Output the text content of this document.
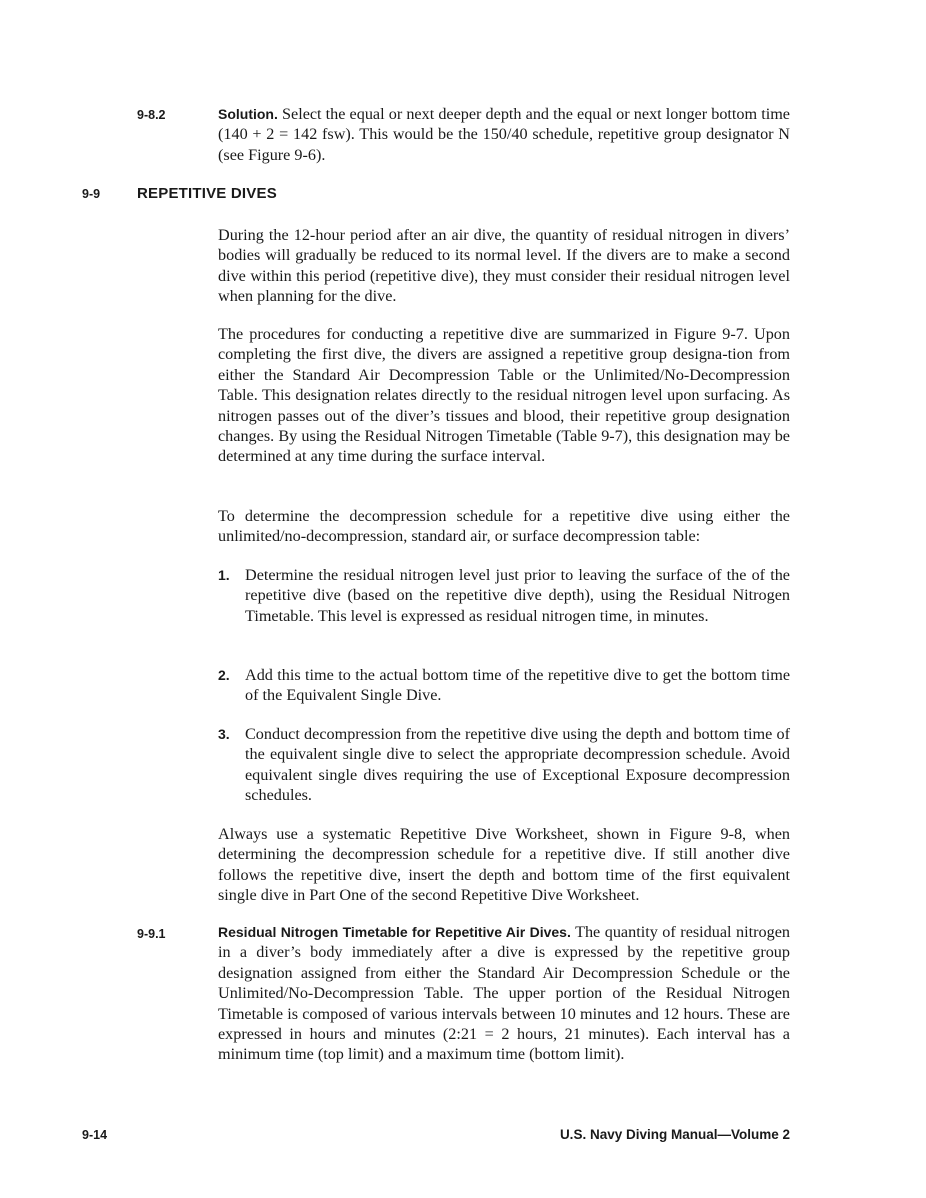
9-8.2	Solution. Select the equal or next deeper depth and the equal or next longer bottom time (140 + 2 = 142 fsw). This would be the 150/40 schedule, repetitive group designator N (see Figure 9-6).

9-9 REPETITIVE DIVES

During the 12-hour period after an air dive, the quantity of residual nitrogen in divers’ bodies will gradually be reduced to its normal level. If the divers are to make a second dive within this period (repetitive dive), they must consider their residual nitrogen level when planning for the dive.

The procedures for conducting a repetitive dive are summarized in Figure 9-7. Upon completing the first dive, the divers are assigned a repetitive group designa-tion from either the Standard Air Decompression Table or the Unlimited/No-Decompression Table. This designation relates directly to the residual nitrogen level upon surfacing. As nitrogen passes out of the diver’s tissues and blood, their repetitive group designation changes. By using the Residual Nitrogen Timetable (Table 9-7), this designation may be determined at any time during the surface interval.

To determine the decompression schedule for a repetitive dive using either the unlimited/no-decompression, standard air, or surface decompression table:

1. Determine the residual nitrogen level just prior to leaving the surface of the of the repetitive dive (based on the repetitive dive depth), using the Residual Nitrogen Timetable. This level is expressed as residual nitrogen time, in minutes.

2. Add this time to the actual bottom time of the repetitive dive to get the bottom time of the Equivalent Single Dive.

3. Conduct decompression from the repetitive dive using the depth and bottom time of the equivalent single dive to select the appropriate decompression schedule. Avoid equivalent single dives requiring the use of Exceptional Exposure decompression schedules.

Always use a systematic Repetitive Dive Worksheet, shown in Figure 9-8, when determining the decompression schedule for a repetitive dive. If still another dive follows the repetitive dive, insert the depth and bottom time of the first equivalent single dive in Part One of the second Repetitive Dive Worksheet.

9-9.1	Residual Nitrogen Timetable for Repetitive Air Dives. The quantity of residual nitrogen in a diver’s body immediately after a dive is expressed by the repetitive group designation assigned from either the Standard Air Decompression Schedule or the Unlimited/No-Decompression Table. The upper portion of the Residual Nitrogen Timetable is composed of various intervals between 10 minutes and 12 hours. These are expressed in hours and minutes (2:21 = 2 hours, 21 minutes). Each interval has a minimum time (top limit) and a maximum time (bottom limit).

9-14	U.S. Navy Diving Manual—Volume 2
